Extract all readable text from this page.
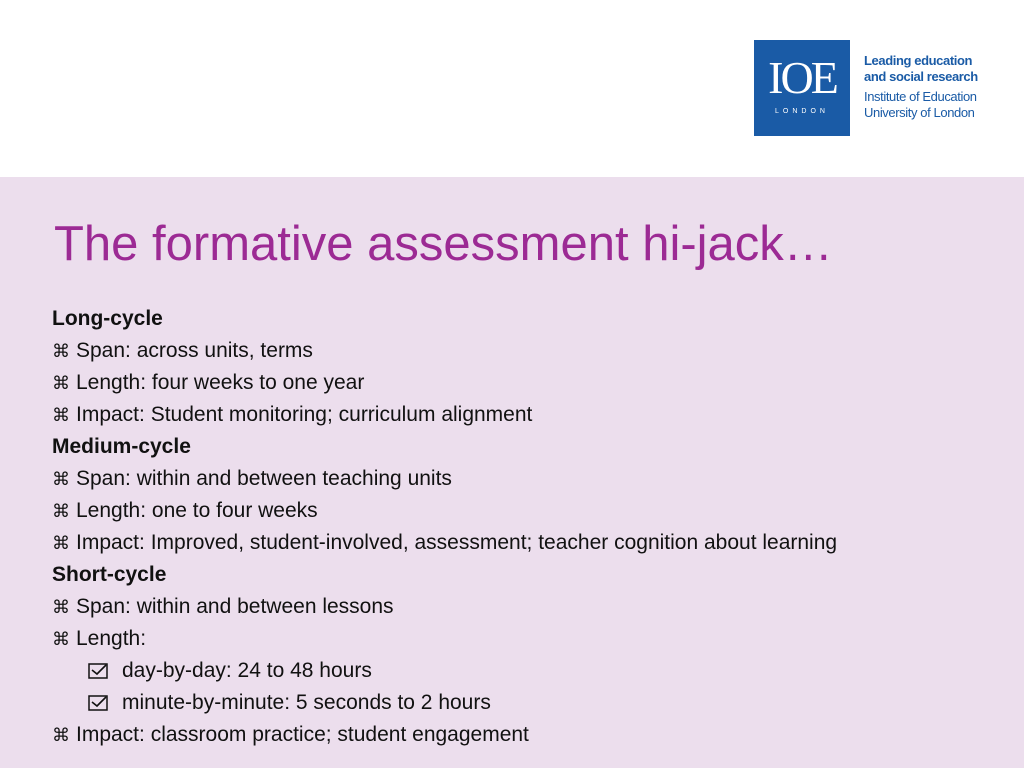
IOE
LONDON
Leading education
and social research
Institute of Education
University of London
The formative assessment hi-jack…
Long-cycle
⌘ Span: across units, terms
⌘ Length: four weeks to one year
⌘ Impact: Student monitoring; curriculum alignment
Medium-cycle
⌘ Span: within and between teaching units
⌘ Length: one to four weeks
⌘ Impact: Improved, student-involved, assessment; teacher cognition about learning
Short-cycle
⌘ Span: within and between lessons
⌘ Length:
day-by-day: 24 to 48 hours
minute-by-minute: 5 seconds to 2 hours
⌘ Impact: classroom practice; student engagement
